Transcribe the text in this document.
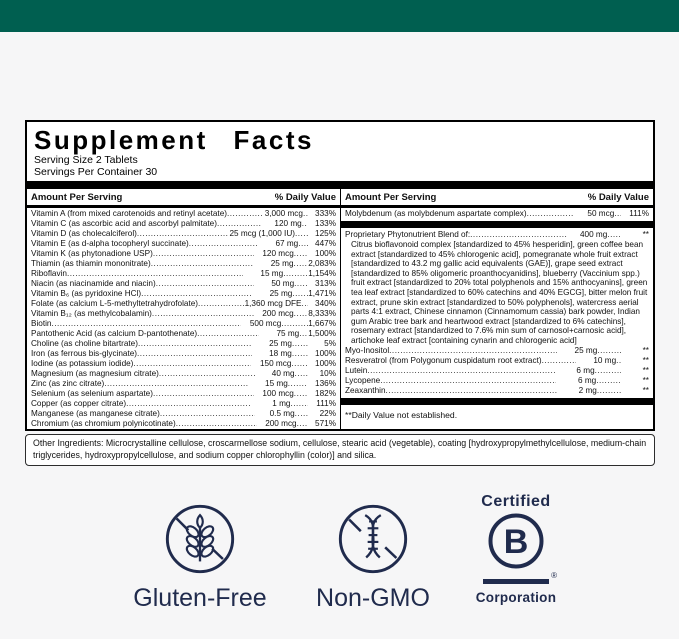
Supplement Facts
Serving Size 2 Tablets
Servings Per Container 30
Amount Per Serving	% Daily Value
Vitamin A (from mixed carotenoids and retinyl acetate) .....	3,000 mcg .....	333%
Vitamin C (as ascorbic acid and ascorbyl palmitate) .....	120 mg .....	133%
Vitamin D (as cholecalciferol) .....	25 mcg (1,000 IU) .....	125%
Vitamin E (as d-alpha tocopheryl succinate) .....	67 mg .....	447%
Vitamin K (as phytonadione USP) .....	120 mcg .....	100%
Thiamin (as thiamin mononitrate) .....	25 mg ..... 2,083%
Riboflavin .....	15 mg .....	1,154%
Niacin (as niacinamide and niacin) .....	50 mg .....	313%
Vitamin B₆ (as pyridoxine HCl) .....	25 mg ..... 1,471%
Folate (as calcium L-5-methyltetrahydrofolate) .....	1,360 mcg DFE .....	340%
Vitamin B₁₂ (as methylcobalamin) .....	200 mcg ..... 8,333%
Biotin .....	500 mcg .....	1,667%
Pantothenic Acid (as calcium D-pantothenate) .....	75 mg ..... 1,500%
Choline (as choline bitartrate) .....	25 mg .....	5%
Iron (as ferrous bis-glycinate) .....	18 mg .....	100%
Iodine (as potassium iodide) .....	150 mcg .....	100%
Magnesium (as magnesium citrate) .....	40 mg .....	10%
Zinc (as zinc citrate) .....	15 mg .....	136%
Selenium (as selenium aspartate) .....	100 mcg .....	182%
Copper (as copper citrate) .....	1 mg .....	111%
Manganese (as manganese citrate) .....	0.5 mg .....	22%
Chromium (as chromium polynicotinate) .....	200 mcg .....	571%
Amount Per Serving	% Daily Value
Molybdenum (as molybdenum aspartate complex) .....	50 mcg .....	111%
Proprietary Phytonutrient Blend of: .....	400 mg .....	**
Citrus bioflavonoid complex [standardized to 45% hesperidin], green coffee bean extract [standardized to 45% chlorogenic acid], pomegranate whole fruit extract [standardized to 43.2 mg gallic acid equivalents (GAE)], grape seed extract [standardized to 85% oligomeric proanthocyanidins], blueberry (Vaccinium spp.) fruit extract [standardized to 20% total polyphenols and 15% anthocyanins], green tea leaf extract [standardized to 60% catechins and 40% EGCG], bitter melon fruit extract, prune skin extract [standardized to 50% polyphenols], watercress aerial parts 4:1 extract, Chinese cinnamon (Cinnamomum cassia) bark powder, Indian gum Arabic tree bark and heartwood extract [standardized to 6% catechins], rosemary extract [standardized to 7.6% min sum of carnosol+carnosic acid], artichoke leaf extract [containing cynarin and chlorogenic acid]
Myo-Inositol .....	25 mg .....	**
Resveratrol (from Polygonum cuspidatum root extract) .....	10 mg .....	**
Lutein .....	6 mg .....	**
Lycopene .....	6 mg .....	**
Zeaxanthin .....	2 mg .....	**
**Daily Value not established.
Other Ingredients: Microcrystalline cellulose, croscarmellose sodium, cellulose, stearic acid (vegetable), coating [hydroxypropylmethylcellulose, medium-chain triglycerides, hydroxypropylcellulose, and sodium copper chlorophyllin (color)] and silica.
Gluten-Free	Non-GMO
Certified
B
®
Corporation
